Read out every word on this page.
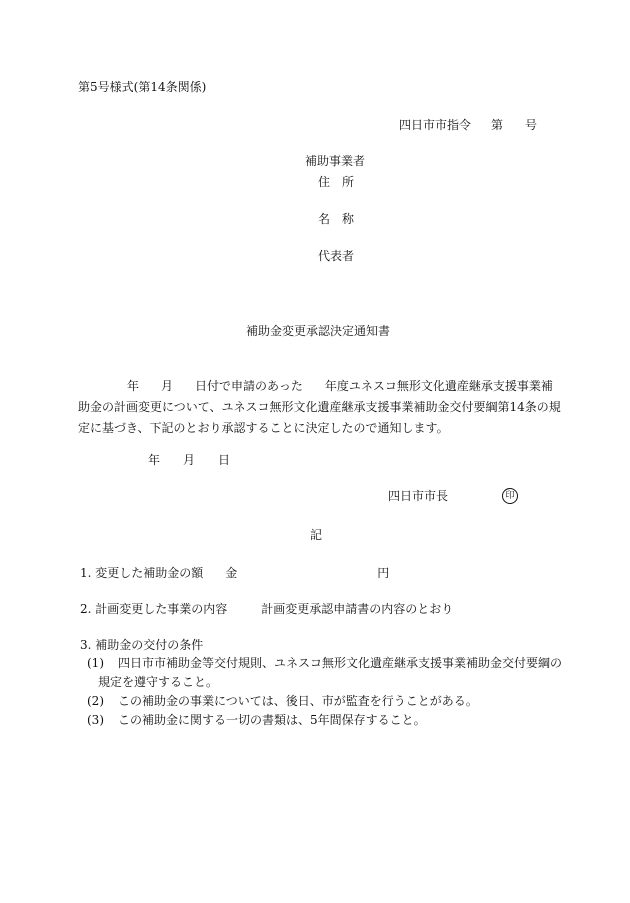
第5号様式(第14条関係)
四日市市指令 第 号
補助事業者
住　所
名　称
代表者
補助金変更承認決定通知書
年 月 日付で申請のあった 年度ユネスコ無形文化遺産継承支援事業補
助金の計画変更について、ユネスコ無形文化遺産継承支援事業補助金交付要綱第14条の規
定に基づき、下記のとおり承認することに決定したので通知します。
年 月 日
四日市市長	印
記
1. 変更した補助金の額 金	円
2. 計画変更した事業の内容	計画変更承認申請書の内容のとおり
3. 補助金の交付の条件
(1) 四日市市補助金等交付規則、ユネスコ無形文化遺産継承支援事業補助金交付要綱の
規定を遵守すること。
(2) この補助金の事業については、後日、市が監査を行うことがある。
(3) この補助金に関する一切の書類は、5年間保存すること。
